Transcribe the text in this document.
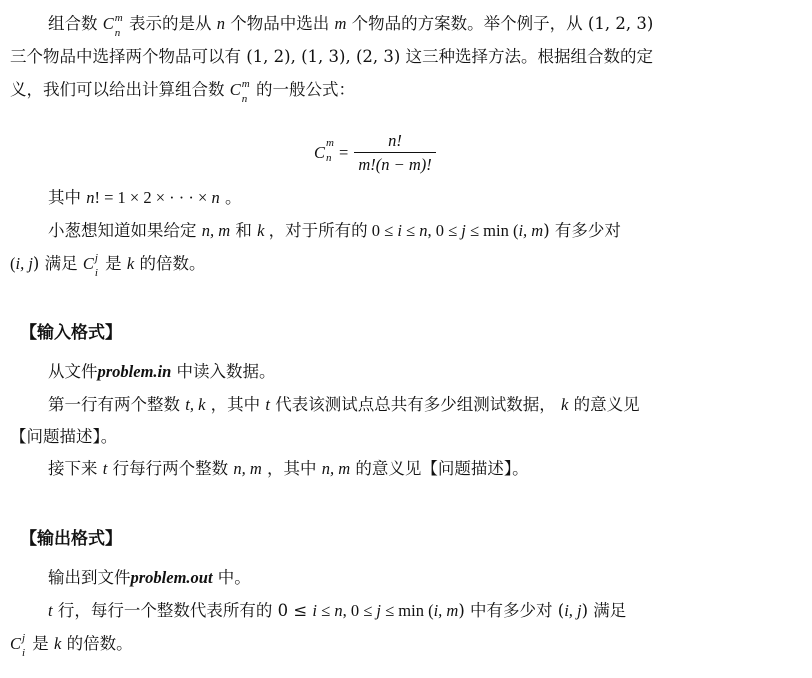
组合数 C m
n 表示的是从 n 个物品中选出 m 个物品的方案数。举个例子，从 (1, 2, 3)
三个物品中选择两个物品可以有 (1, 2), (1, 3), (2, 3) 这三种选择方法。根据组合数的定
义，我们可以给出计算组合数 C m
n 的一般公式：
C m
$n = \frac{n!}{m!(n - m)!}$
其中 n! = 1 × 2 × · · · × n 。
小葱想知道如果给定 n, m 和 k ，对于所有的 0 ≤ i ≤ n, 0 ≤ j ≤ min (i, m) 有多少对
(i, j) 满足 C j
i 是 k 的倍数。
【输入格式】
从文件problem.in 中读入数据。
第一行有两个整数 t, k ，其中 t 代表该测试点总共有多少组测试数据， k 的意义见
【问题描述】。
接下来 t 行每行两个整数 n, m ，其中 n, m 的意义见【问题描述】。
【输出格式】
输出到文件problem.out 中。
t 行，每行一个整数代表所有的 0 ≤ i ≤ n, 0 ≤ j ≤ min (i, m) 中有多少对 (i, j) 满足
C j
i 是 k 的倍数。
